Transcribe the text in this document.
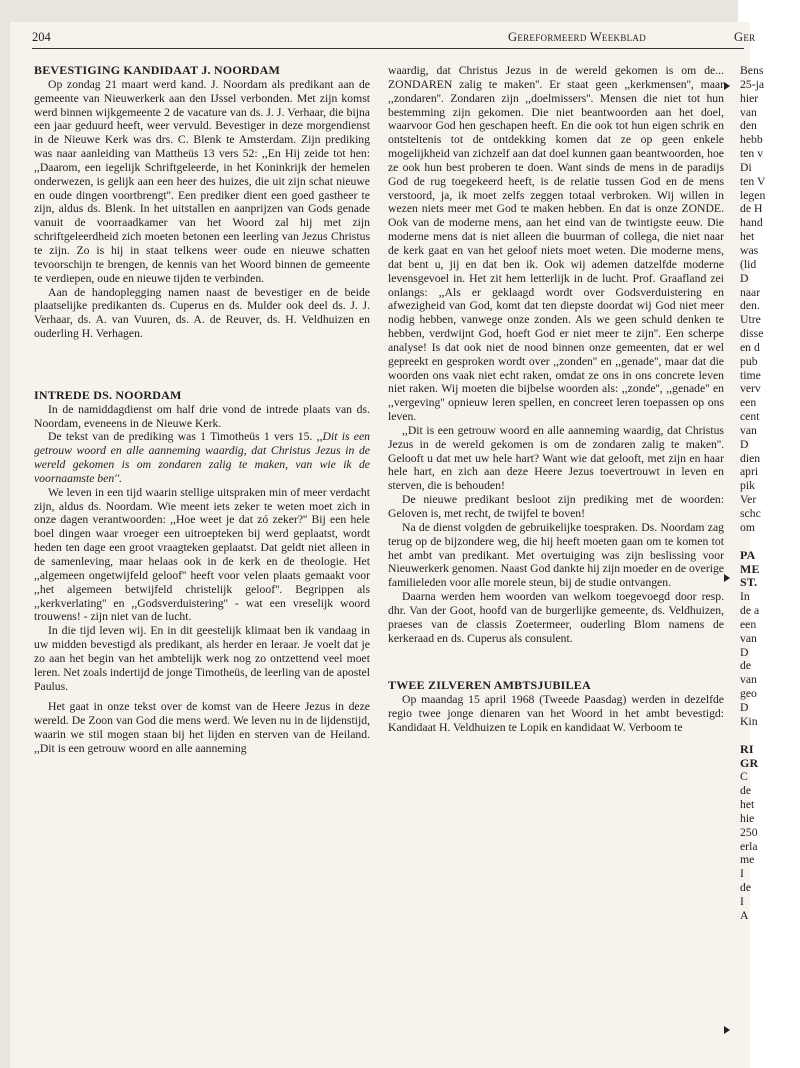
204	Gereformeerd Weekblad	Ger
BEVESTIGING KANDIDAAT J. NOORDAM

Op zondag 21 maart werd kand. J. Noordam als predikant aan de gemeente van Nieuwerkerk aan den IJssel verbonden. Met zijn komst werd binnen wijkgemeente 2 de vacature van ds. J. J. Verhaar, die bijna een jaar geduurd heeft, weer vervuld. Bevestiger in deze morgendienst in de Nieuwe Kerk was drs. C. Blenk te Amsterdam. Zijn prediking was naar aanleiding van Mattheüs 13 vers 52: ,,En Hij zeide tot hen: ,,Daarom, een iegelijk Schriftgeleerde, in het Koninkrijk der hemelen onderwezen, is gelijk aan een heer des huizes, die uit zijn schat nieuwe en oude dingen voortbrengt''. Een prediker dient een goed gastheer te zijn, aldus ds. Blenk. In het uitstallen en aanprijzen van Gods genade vanuit de voorraadkamer van het Woord zal hij met zijn schriftgeleerdheid zich moeten betonen een leerling van Jezus Christus te zijn. Zo is hij in staat telkens weer oude en nieuwe schatten tevoorschijn te brengen, de kennis van het Woord binnen de gemeente te verdiepen, oude en nieuwe tijden te verbinden.

Aan de handoplegging namen naast de bevestiger en de beide plaatselijke predikanten ds. Cuperus en ds. Mulder ook deel ds. J. J. Verhaar, ds. A. van Vuuren, ds. A. de Reuver, ds. H. Veldhuizen en ouderling H. Verhagen.

INTREDE DS. NOORDAM

In de namiddagdienst om half drie vond de intrede plaats van ds. Noordam, eveneens in de Nieuwe Kerk.

De tekst van de prediking was 1 Timotheüs 1 vers 15. ,,Dit is een getrouw woord en alle aanneming waardig, dat Christus Jezus in de wereld gekomen is om zondaren zalig te maken, van wie ik de voornaamste ben''.

We leven in een tijd waarin stellige uitspraken min of meer verdacht zijn, aldus ds. Noordam. Wie meent iets zeker te weten moet zich in onze dagen verantwoorden: ,,Hoe weet je dat zó zeker?'' Bij een hele boel dingen waar vroeger een uitroepteken bij werd geplaatst, wordt heden ten dage een groot vraagteken geplaatst. Dat geldt niet alleen in de samenleving, maar helaas ook in de kerk en de theologie. Het ,,algemeen ongetwijfeld geloof'' heeft voor velen plaats gemaakt voor ,,het algemeen betwijfeld christelijk geloof''. Begrippen als ,,kerkverlating'' en ,,Godsverduistering'' - wat een vreselijk woord trouwens! - zijn niet van de lucht.

In die tijd leven wij. En in dit geestelijk klimaat ben ik vandaag in uw midden bevestigd als predikant, als herder en leraar. Je voelt dat je zo aan het begin van het ambtelijk werk nog zo ontzettend veel moet leren. Net zoals indertijd de jonge Timotheüs, de leerling van de apostel Paulus.

Het gaat in onze tekst over de komst van de Heere Jezus in deze wereld. De Zoon van God die mens werd. We leven nu in de lijdenstijd, waarin we stil mogen staan bij het lijden en sterven van de Heiland. ,,Dit is een getrouw woord en alle aanneming

waardig, dat Christus Jezus in de wereld gekomen is om de... ZONDAREN zalig te maken''. Er staat geen ,,kerkmensen'', maar ,,zondaren''. Zondaren zijn ,,doelmissers''. Mensen die niet tot hun bestemming zijn gekomen. Die niet beantwoorden aan het doel, waarvoor God hen geschapen heeft. En die ook tot hun eigen schrik en ontsteltenis tot de ontdekking komen dat ze op geen enkele mogelijkheid van zichzelf aan dat doel kunnen gaan beantwoorden, hoe ze ook hun best proberen te doen. Want sinds de mens in de paradijs God de rug toegekeerd heeft, is de relatie tussen God en de mens verstoord, ja, ik moet zelfs zeggen totaal verbroken. Wij willen in wezen niets meer met God te maken hebben. En dat is onze ZONDE. Ook van de moderne mens, aan het eind van de twintigste eeuw. Die moderne mens dat is niet alleen die buurman of collega, die niet naar de kerk gaat en van het geloof niets moet weten. Die moderne mens, dat bent u, jij en dat ben ik. Ook wij ademen datzelfde moderne levensgevoel in. Het zit hem letterlijk in de lucht. Prof. Graafland zei onlangs: ,,Als er geklaagd wordt over Godsverduistering en afwezigheid van God, komt dat ten diepste doordat wij God niet meer nodig hebben, vanwege onze zonden. Als we geen schuld denken te hebben, verdwijnt God, hoeft God er niet meer te zijn''. Een scherpe analyse! Is dat ook niet de nood binnen onze gemeenten, dat er wel gepreekt en gesproken wordt over ,,zonden'' en ,,genade'', maar dat die woorden ons vaak niet echt raken, omdat ze ons in ons concrete leven niet raken. Wij moeten die bijbelse woorden als: ,,zonde'', ,,genade'' en ,,vergeving'' opnieuw leren spellen, en concreet leren toepassen op ons leven.

,,Dit is een getrouw woord en alle aanneming waardig, dat Christus Jezus in de wereld gekomen is om de zondaren zalig te maken''. Gelooft u dat met uw hele hart? Want wie dat gelooft, met zijn en haar hele hart, en zich aan deze Heere Jezus toevertrouwt in leven en sterven, die is behouden!

De nieuwe predikant besloot zijn prediking met de woorden: Geloven is, met recht, de twijfel te boven!

Na de dienst volgden de gebruikelijke toespraken. Ds. Noordam zag terug op de bijzondere weg, die hij heeft moeten gaan om te komen tot het ambt van predikant. Met overtuiging was zijn beslissing voor Nieuwerkerk genomen. Naast God dankte hij zijn moeder en de overige familieleden voor alle morele steun, bij de studie ontvangen.

Daarna werden hem woorden van welkom toegevoegd door resp. dhr. Van der Goot, hoofd van de burgerlijke gemeente, ds. Veldhuizen, praeses van de classis Zoetermeer, ouderling Blom namens de kerkeraad en ds. Cuperus als consulent.

TWEE ZILVEREN AMBTSJUBILEA

Op maandag 15 april 1968 (Tweede Paasdag) werden in dezelfde regio twee jonge dienaren van het Woord in het ambt bevestigd: Kandidaat H. Veldhuizen te Lopik en kandidaat W. Verboom te

Bens

25-ja

hier

van

den

hebb

ten v

Di

ten V

legen

de H

hand

het

was

(lid

D

naar

den.

Utre

disse

en d

pub

time

verv

een

cent

van

D

dien

apri

pik

Ver

schc

om

PA
ME
ST.

In

de a

een

van

D

de

van

geo

D

Kin

RI
GR

C

de

het

hie

250

erla

me

I

de

I

A
